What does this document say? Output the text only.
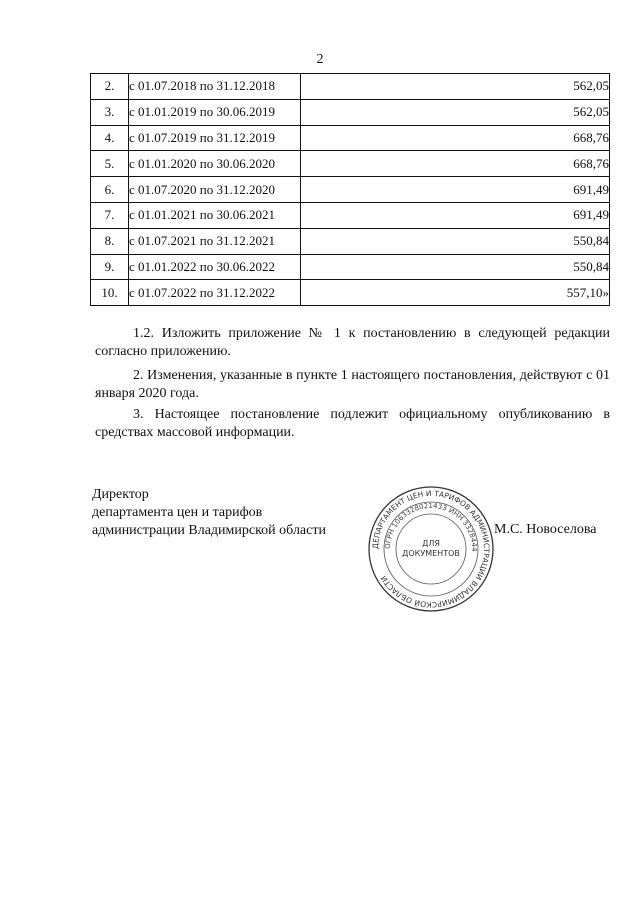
2
2.	с 01.07.2018 по 31.12.2018	562,05
3.	с 01.01.2019 по 30.06.2019	562,05
4.	с 01.07.2019 по 31.12.2019	668,76
5.	с 01.01.2020 по 30.06.2020	668,76
6.	с 01.07.2020 по 31.12.2020	691,49
7.	с 01.01.2021 по 30.06.2021	691,49
8.	с 01.07.2021 по 31.12.2021	550,84
9.	с 01.01.2022 по 30.06.2022	550,84
10.	с 01.07.2022 по 31.12.2022	557,10»

1.2. Изложить приложение № 1 к постановлению в следующей редакции согласно приложению.

2. Изменения, указанные в пункте 1 настоящего постановления, действуют с 01 января 2020 года.

3. Настоящее постановление подлежит официальному опубликованию в средствах массовой информации.

Директор
департамента цен и тарифов
администрации Владимирской области
ДЕПАРТАМЕНТ ЦЕН И ТАРИФОВ АДМИНИСТРАЦИИ ВЛАДИМИРСКОЙ ОБЛАСТИ
ОГРН 1063328021433 ИНН 3328444
ДЛЯ
ДОКУМЕНТОВ
М.С. Новоселова
